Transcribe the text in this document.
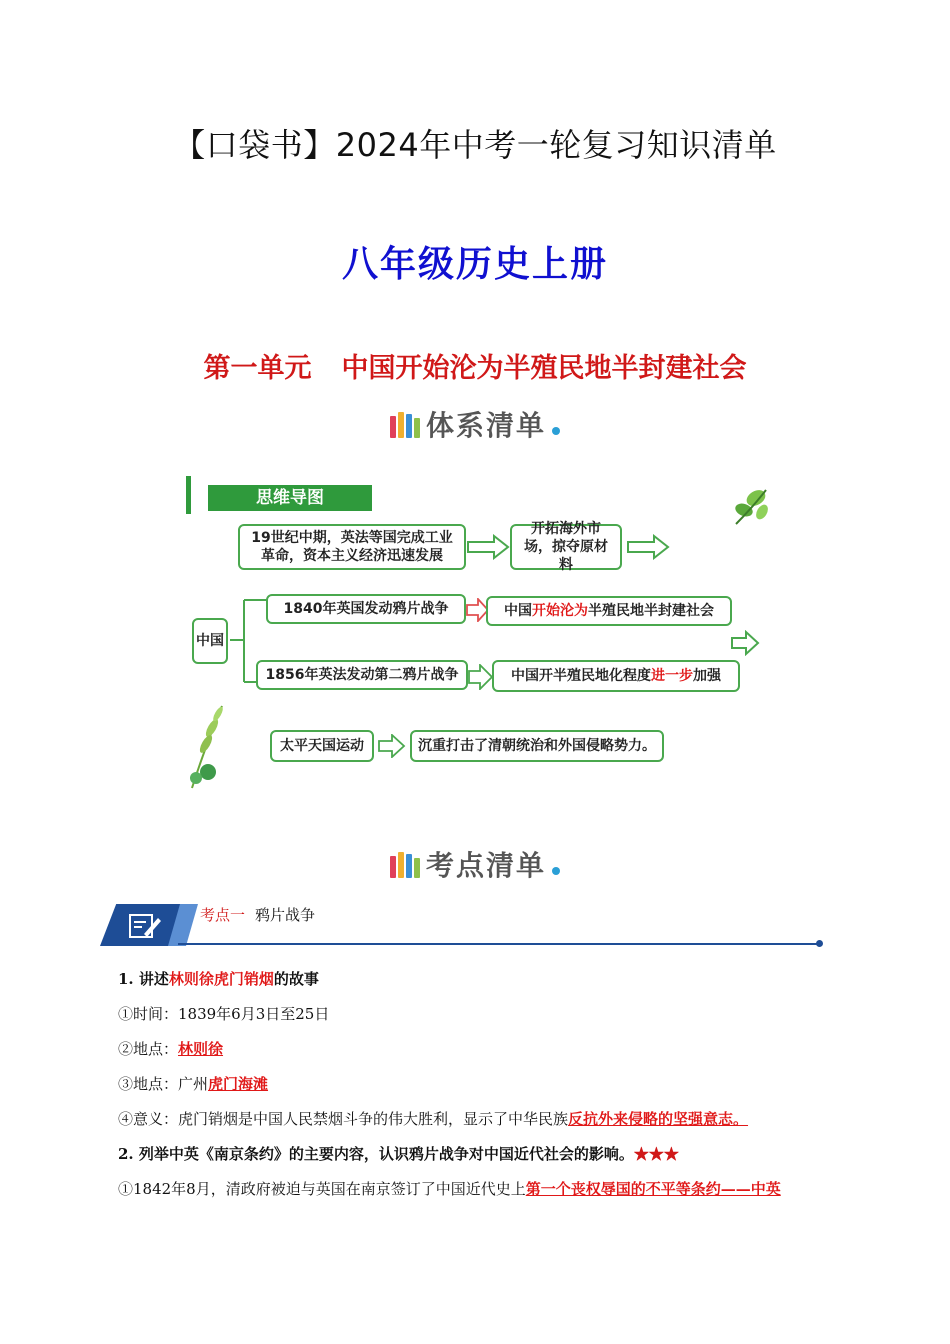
【口袋书】2024年中考一轮复习知识清单
八年级历史上册
第一单元 中国开始沦为半殖民地半封建社会
体系清单
思维导图
19世纪中期，英法等国完成工业革命，资本主义经济迅速发展
开拓海外市场，掠夺原材料
中国
1840年英国发动鸦片战争	中国 开始沦为 半殖民地半封建社会
1856年英法发动第二鸦片战争	中国开半殖民地化程度 进一步 加强
太平天国运动	沉重打击了清朝统治和外国侵略势力。
考点清单
考点一 鸦片战争
1. 讲述林则徐虎门销烟的故事
①时间：1839年6月3日至25日
②地点：林则徐
③地点：广州虎门海滩
④意义：虎门销烟是中国人民禁烟斗争的伟大胜利，显示了中华民族反抗外来侵略的坚强意志。
2. 列举中英《南京条约》的主要内容，认识鸦片战争对中国近代社会的影响。★★★
①1842年8月，清政府被迫与英国在南京签订了中国近代史上第一个丧权辱国的不平等条约——中英
